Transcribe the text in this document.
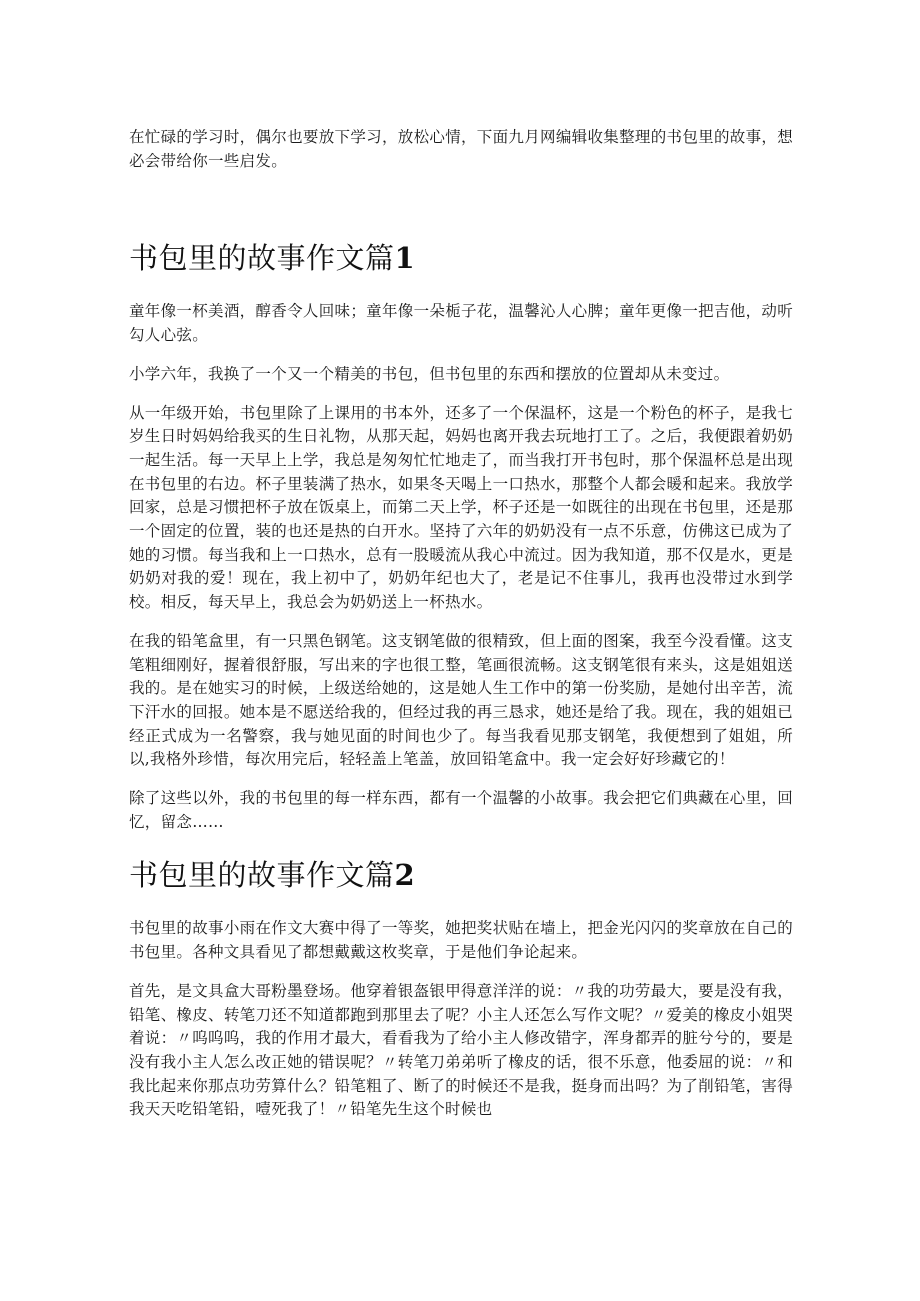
在忙碌的学习时，偶尔也要放下学习，放松心情，下面九月网编辑收集整理的书包里的故事，想必会带给你一些启发。

书包里的故事作文篇1

童年像一杯美酒，醇香令人回味；童年像一朵栀子花，温馨沁人心脾；童年更像一把吉他，动听勾人心弦。

小学六年，我换了一个又一个精美的书包，但书包里的东西和摆放的位置却从未变过。

从一年级开始，书包里除了上课用的书本外，还多了一个保温杯，这是一个粉色的杯子，是我七岁生日时妈妈给我买的生日礼物，从那天起，妈妈也离开我去玩地打工了。之后，我便跟着奶奶一起生活。每一天早上上学，我总是匆匆忙忙地走了，而当我打开书包时，那个保温杯总是出现在书包里的右边。杯子里装满了热水，如果冬天喝上一口热水，那整个人都会暖和起来。我放学回家，总是习惯把杯子放在饭桌上，而第二天上学，杯子还是一如既往的出现在书包里，还是那一个固定的位置，装的也还是热的白开水。坚持了六年的奶奶没有一点不乐意，仿佛这已成为了她的习惯。每当我和上一口热水，总有一股暖流从我心中流过。因为我知道，那不仅是水，更是奶奶对我的爱！现在，我上初中了，奶奶年纪也大了，老是记不住事儿，我再也没带过水到学校。相反，每天早上，我总会为奶奶送上一杯热水。

在我的铅笔盒里，有一只黑色钢笔。这支钢笔做的很精致，但上面的图案，我至今没看懂。这支笔粗细刚好，握着很舒服，写出来的字也很工整，笔画很流畅。这支钢笔很有来头，这是姐姐送我的。是在她实习的时候，上级送给她的，这是她人生工作中的第一份奖励，是她付出辛苦，流下汗水的回报。她本是不愿送给我的，但经过我的再三恳求，她还是给了我。现在，我的姐姐已经正式成为一名警察，我与她见面的时间也少了。每当我看见那支钢笔，我便想到了姐姐，所以,我格外珍惜，每次用完后，轻轻盖上笔盖，放回铅笔盒中。我一定会好好珍藏它的！

除了这些以外，我的书包里的每一样东西，都有一个温馨的小故事。我会把它们典藏在心里，回忆，留念……

书包里的故事作文篇2

书包里的故事小雨在作文大赛中得了一等奖，她把奖状贴在墙上，把金光闪闪的奖章放在自己的书包里。各种文具看见了都想戴戴这枚奖章，于是他们争论起来。

首先，是文具盒大哥粉墨登场。他穿着银盔银甲得意洋洋的说：〃我的功劳最大，要是没有我，铅笔、橡皮、转笔刀还不知道都跑到那里去了呢？小主人还怎么写作文呢？〃爱美的橡皮小姐哭着说：〃呜呜呜，我的作用才最大，看看我为了给小主人修改错字，浑身都弄的脏兮兮的，要是没有我小主人怎么改正她的错误呢？〃转笔刀弟弟听了橡皮的话，很不乐意，他委屈的说：〃和我比起来你那点功劳算什么？铅笔粗了、断了的时候还不是我，挺身而出吗？为了削铅笔，害得我天天吃铅笔铅，噎死我了！〃铅笔先生这个时候也
